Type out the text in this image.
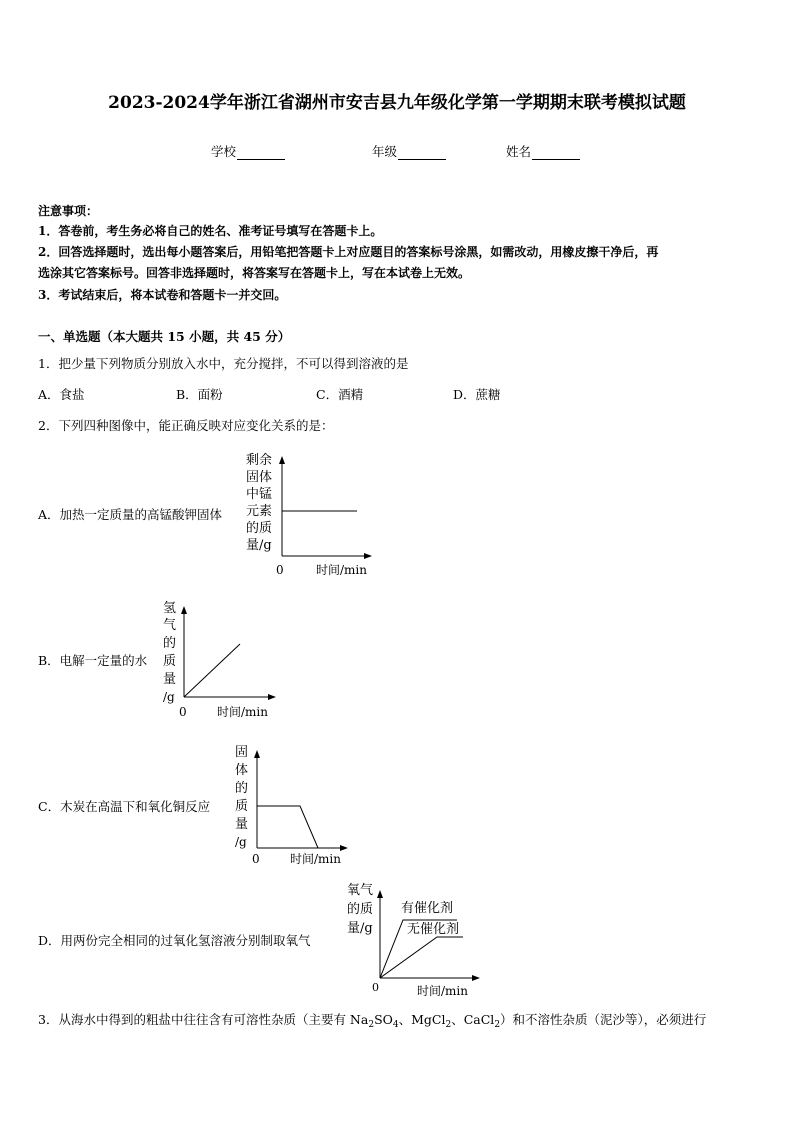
2023-2024学年浙江省湖州市安吉县九年级化学第一学期期末联考模拟试题
学校	年级	姓名
注意事项：
1．答卷前，考生务必将自己的姓名、准考证号填写在答题卡上。
2．回答选择题时，选出每小题答案后，用铅笔把答题卡上对应题目的答案标号涂黑，如需改动，用橡皮擦干净后，再
选涂其它答案标号。回答非选择题时，将答案写在答题卡上，写在本试卷上无效。
3．考试结束后，将本试卷和答题卡一并交回。
一、单选题（本大题共 15 小题，共 45 分）
1．把少量下列物质分别放入水中，充分搅拌，不可以得到溶液的是
A．食盐	B．面粉	C．酒精	D．蔗糖
2．下列四种图像中，能正确反映对应变化关系的是：
A．加热一定质量的高锰酸钾固体
剩余
固体
中锰
元素
的质
量/g
0	时间/min
B．电解一定量的水
氢
气
的
质
量
/g
0	时间/min
C．木炭在高温下和氧化铜反应
固
体
的
质
量
/g
0	时间/min
D．用两份完全相同的过氧化氢溶液分别制取氧气
氧气
的质
量/g
有催化剂
无催化剂
0	时间/min
3．从海水中得到的粗盐中往往含有可溶性杂质（主要有 $Na_2SO_4$、MgCl$_2$、CaCl$_2$）和不溶性杂质（泥沙等），必须进行
